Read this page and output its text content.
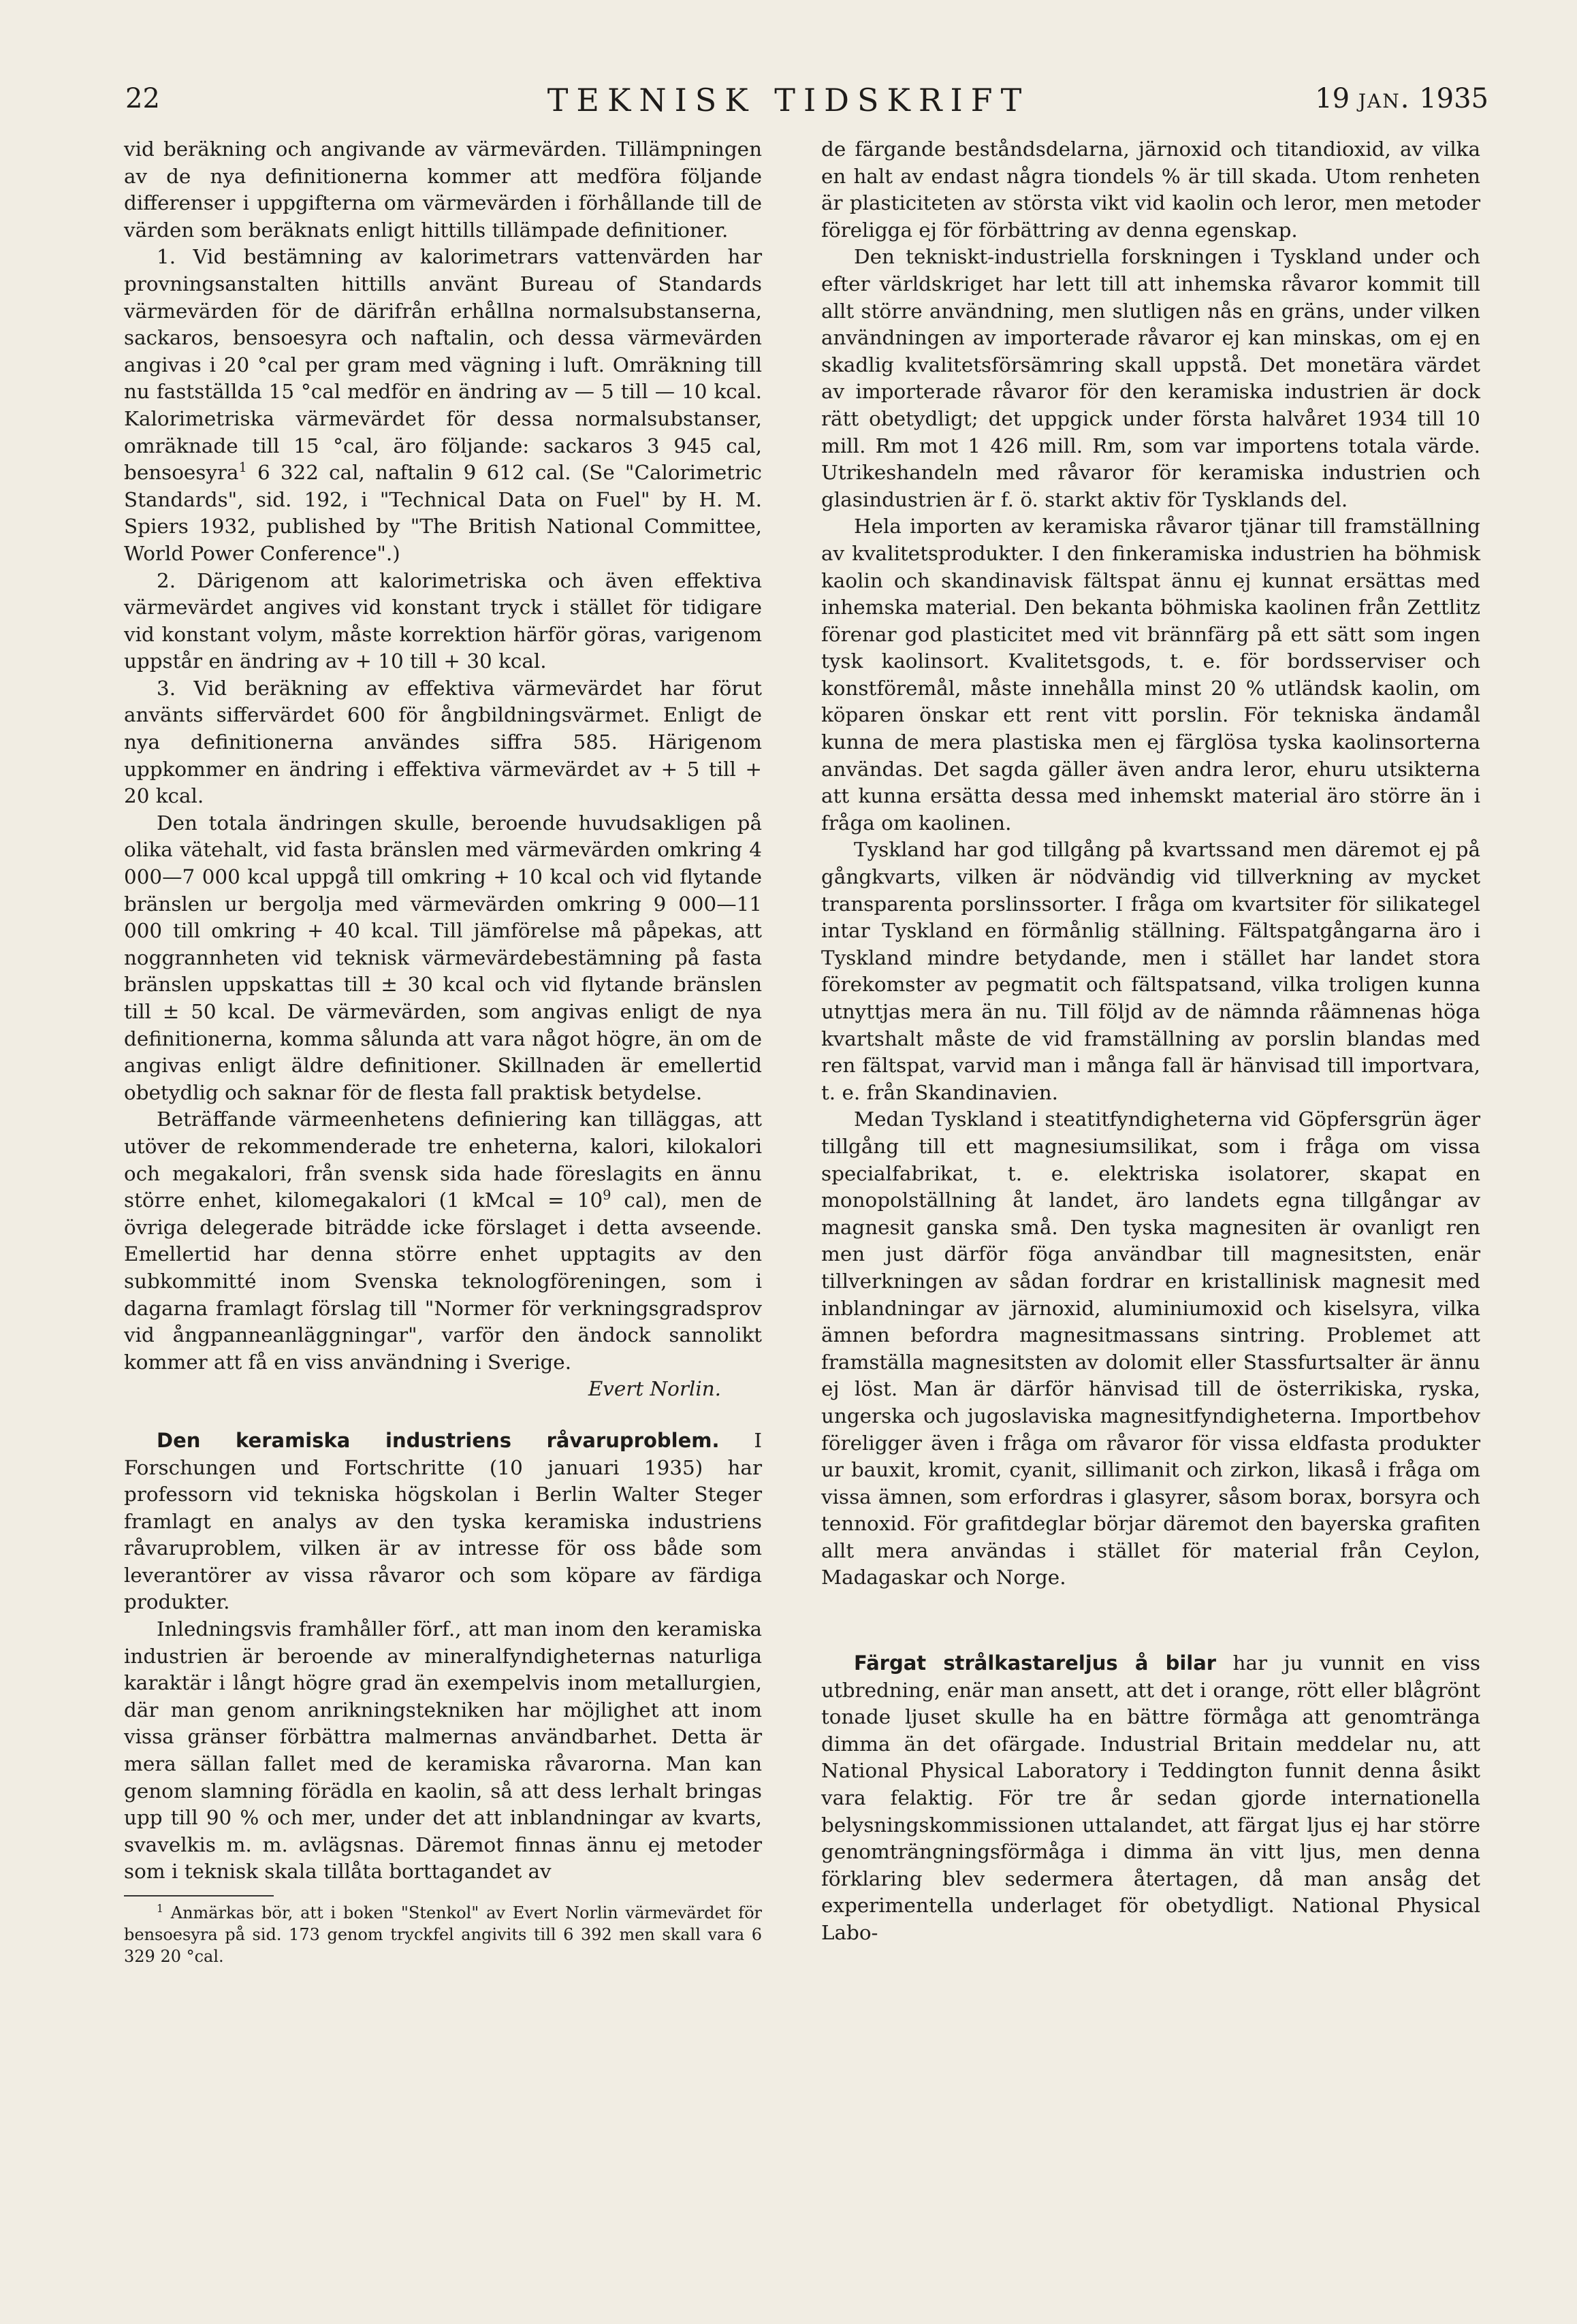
22	TEKNISK TIDSKRIFT	19 jan. 1935

vid beräkning och angivande av värmevärden. Tillämpningen av de nya definitionerna kommer att medföra följande differenser i uppgifterna om värmevärden i förhållande till de värden som beräknats enligt hittills tillämpade definitioner.

1. Vid bestämning av kalorimetrars vattenvärden har provningsanstalten hittills använt Bureau of Standards värmevärden för de därifrån erhållna normalsubstanserna, sackaros, bensoesyra och naftalin, och dessa värmevärden angivas i 20 °cal per gram med vägning i luft. Omräkning till nu fastställda 15 °cal medför en ändring av — 5 till — 10 kcal. Kalorimetriska värmevärdet för dessa normalsubstanser, omräknade till 15 °cal, äro följande: sackaros 3 945 cal, bensoesyra$^1$ 6 322 cal, naftalin 9 612 cal. (Se "Calorimetric Standards", sid. 192, i "Technical Data on Fuel" by H. M. Spiers 1932, published by "The British National Committee, World Power Conference".)

2. Därigenom att kalorimetriska och även effektiva värmevärdet angives vid konstant tryck i stället för tidigare vid konstant volym, måste korrektion härför göras, varigenom uppstår en ändring av + 10 till + 30 kcal.

3. Vid beräkning av effektiva värmevärdet har förut använts siffervärdet 600 för ångbildningsvärmet. Enligt de nya definitionerna användes siffra 585. Härigenom uppkommer en ändring i effektiva värmevärdet av + 5 till + 20 kcal.

Den totala ändringen skulle, beroende huvudsakligen på olika vätehalt, vid fasta bränslen med värmevärden omkring 4 000—7 000 kcal uppgå till omkring + 10 kcal och vid flytande bränslen ur bergolja med värmevärden omkring 9 000—11 000 till omkring + 40 kcal. Till jämförelse må påpekas, att noggrannheten vid teknisk värmevärdebestämning på fasta bränslen uppskattas till ± 30 kcal och vid flytande bränslen till ± 50 kcal. De värmevärden, som angivas enligt de nya definitionerna, komma sålunda att vara något högre, än om de angivas enligt äldre definitioner. Skillnaden är emellertid obetydlig och saknar för de flesta fall praktisk betydelse.

Beträffande värmeenhetens definiering kan tilläggas, att utöver de rekommenderade tre enheterna, kalori, kilokalori och megakalori, från svensk sida hade föreslagits en ännu större enhet, kilomegakalori (1 kMcal = $10^9$ cal), men de övriga delegerade biträdde icke förslaget i detta avseende. Emellertid har denna större enhet upptagits av den subkommitté inom Svenska teknologföreningen, som i dagarna framlagt förslag till "Normer för verkningsgradsprov vid ångpanneanläggningar", varför den ändock sannolikt kommer att få en viss användning i Sverige.

Evert Norlin.

Den keramiska industriens råvaruproblem. I Forschungen und Fortschritte (10 januari 1935) har professorn vid tekniska högskolan i Berlin Walter Steger framlagt en analys av den tyska keramiska industriens råvaruproblem, vilken är av intresse för oss både som leverantörer av vissa råvaror och som köpare av färdiga produkter.

Inledningsvis framhåller förf., att man inom den keramiska industrien är beroende av mineralfyndigheternas naturliga karaktär i långt högre grad än exempelvis inom metallurgien, där man genom anrikningstekniken har möjlighet att inom vissa gränser förbättra malmernas användbarhet. Detta är mera sällan fallet med de keramiska råvarorna. Man kan genom slamning förädla en kaolin, så att dess lerhalt bringas upp till 90 % och mer, under det att inblandningar av kvarts, svavelkis m. m. avlägsnas. Däremot finnas ännu ej metoder som i teknisk skala tillåta borttagandet av

$^1$ Anmärkas bör, att i boken "Stenkol" av Evert Norlin värmevärdet för bensoesyra på sid. 173 genom tryckfel angivits till 6 392 men skall vara 6 329 20 °cal.

de färgande beståndsdelarna, järnoxid och titandioxid, av vilka en halt av endast några tiondels % är till skada. Utom renheten är plasticiteten av största vikt vid kaolin och leror, men metoder föreligga ej för förbättring av denna egenskap.

Den tekniskt-industriella forskningen i Tyskland under och efter världskriget har lett till att inhemska råvaror kommit till allt större användning, men slutligen nås en gräns, under vilken användningen av importerade råvaror ej kan minskas, om ej en skadlig kvalitetsförsämring skall uppstå. Det monetära värdet av importerade råvaror för den keramiska industrien är dock rätt obetydligt; det uppgick under första halvåret 1934 till 10 mill. Rm mot 1 426 mill. Rm, som var importens totala värde. Utrikeshandeln med råvaror för keramiska industrien och glasindustrien är f. ö. starkt aktiv för Tysklands del.

Hela importen av keramiska råvaror tjänar till framställning av kvalitetsprodukter. I den finkeramiska industrien ha böhmisk kaolin och skandinavisk fältspat ännu ej kunnat ersättas med inhemska material. Den bekanta böhmiska kaolinen från Zettlitz förenar god plasticitet med vit brännfärg på ett sätt som ingen tysk kaolinsort. Kvalitetsgods, t. e. för bordsserviser och konstföremål, måste innehålla minst 20 % utländsk kaolin, om köparen önskar ett rent vitt porslin. För tekniska ändamål kunna de mera plastiska men ej färglösa tyska kaolinsorterna användas. Det sagda gäller även andra leror, ehuru utsikterna att kunna ersätta dessa med inhemskt material äro större än i fråga om kaolinen.

Tyskland har god tillgång på kvartssand men däremot ej på gångkvarts, vilken är nödvändig vid tillverkning av mycket transparenta porslinssorter. I fråga om kvartsiter för silikategel intar Tyskland en förmånlig ställning. Fältspatgångarna äro i Tyskland mindre betydande, men i stället har landet stora förekomster av pegmatit och fältspatsand, vilka troligen kunna utnyttjas mera än nu. Till följd av de nämnda råämnenas höga kvartshalt måste de vid framställning av porslin blandas med ren fältspat, varvid man i många fall är hänvisad till importvara, t. e. från Skandinavien.

Medan Tyskland i steatitfyndigheterna vid Göpfersgrün äger tillgång till ett magnesiumsilikat, som i fråga om vissa specialfabrikat, t. e. elektriska isolatorer, skapat en monopolställning åt landet, äro landets egna tillgångar av magnesit ganska små. Den tyska magnesiten är ovanligt ren men just därför föga användbar till magnesitsten, enär tillverkningen av sådan fordrar en kristallinisk magnesit med inblandningar av järnoxid, aluminiumoxid och kiselsyra, vilka ämnen befordra magnesitmassans sintring. Problemet att framställa magnesitsten av dolomit eller Stassfurtsalter är ännu ej löst. Man är därför hänvisad till de österrikiska, ryska, ungerska och jugoslaviska magnesitfyndigheterna. Importbehov föreligger även i fråga om råvaror för vissa eldfasta produkter ur bauxit, kromit, cyanit, sillimanit och zirkon, likaså i fråga om vissa ämnen, som erfordras i glasyrer, såsom borax, borsyra och tennoxid. För grafitdeglar börjar däremot den bayerska grafiten allt mera användas i stället för material från Ceylon, Madagaskar och Norge.

Färgat strålkastareljus å bilar har ju vunnit en viss utbredning, enär man ansett, att det i orange, rött eller blågrönt tonade ljuset skulle ha en bättre förmåga att genomtränga dimma än det ofärgade. Industrial Britain meddelar nu, att National Physical Laboratory i Teddington funnit denna åsikt vara felaktig. För tre år sedan gjorde internationella belysningskommissionen uttalandet, att färgat ljus ej har större genomträngningsförmåga i dimma än vitt ljus, men denna förklaring blev sedermera återtagen, då man ansåg det experimentella underlaget för obetydligt. National Physical Labo-
